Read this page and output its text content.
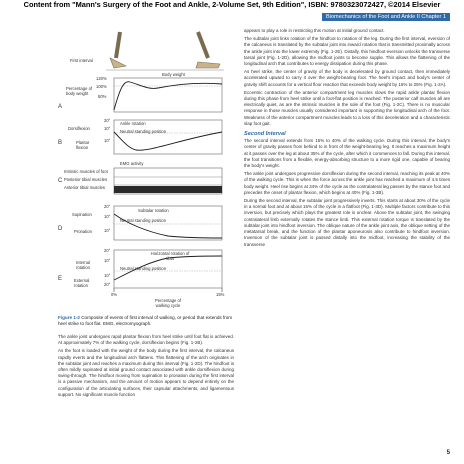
Content from "Mann's Surgery of the Foot and Ankle, 2-Volume Set, 9th Edition", ISBN: 9780323072427, ©2014 Elsevier
Biomechanics of the Foot and Ankle II Chapter 1
First interval
A
Percentage of body weight
120%
100%
50%
Body weight
B
Dorsiflexion
Plantar flexion
20°
10°
10°
Ankle rotation
Neutral standing position
C
EMG activity
Intrinsic muscles of foot
Posterior tibial muscles
Anterior tibial muscles
D
Supination
Pronation
20°
10°
10°
Subtalar rotation
Neutral standing position
E
Internal rotation
External rotation
20°
10°
10°
20°
Horizontal rotation of tibia
Neutral standing position
0%	15%
Percentage of walking cycle
Figure 1-2 Composite of events of first interval of walking, or period that extends from heel strike to foot flat. EMG, electromyograph.

The ankle joint undergoes rapid plantar flexion from heel strike until foot flat is achieved. At approximately 7% of the walking cycle, dorsiflexion begins (Fig. 1-2B).

As the foot is loaded with the weight of the body during the first interval, the calcaneus rapidly everts and the longitudinal arch flattens. This flattening of the arch originates in the subtalar joint and reaches a maximum during this interval (Fig. 1-2D). The hindfoot is often mildly supinated at initial ground contact associated with ankle dorsiflexion during swing-through. The hindfoot moving from supination to pronation during the first interval is a passive mechanism, and the amount of motion appears to depend entirely on the configuration of the articulating surfaces, their capsular attachments, and ligamentous support. No significant muscle function

appears to play a role in restricting this motion at initial ground contact.

The subtalar joint links rotation of the hindfoot to rotation of the leg. During the first interval, eversion of the calcaneus is translated by the subtalar joint into inward rotation that is transmitted proximally across the ankle joint into the lower extremity (Fig. 1-2E). Distally, this hindfoot eversion unlocks the transverse tarsal joint (Fig. 1-2D), allowing the midfoot joints to become supple. This allows the flattening of the longitudinal arch that contributes to energy dissipation during this phase.

As heel strike, the center of gravity of the body is decelerated by ground contact, then immediately accelerated upward to carry it over the weight-bearing foot. The heel's impact and body's center of gravity shift accounts for a vertical floor reaction that exceeds body weight by 15% to 25% (Fig. 1-2A).

Eccentric contraction of the anterior compartment leg muscles slows the rapid ankle plantar flexion during this phase from heel strike until a foot-flat position is reached. The posterior calf muscles all are electrically quiet, as are the intrinsic muscles in the sole of the foot (Fig. 1-2C). There is no muscular response in those muscles usually considered important in supporting the longitudinal arch of the foot. Weakness of the anterior compartment muscles leads to a loss of this deceleration and a characteristic slap foot gait.

Second Interval

The second interval extends from 15% to 40% of the walking cycle. During this interval, the body's center of gravity passes from behind to in front of the weight-bearing leg. It reaches a maximum height at it passes over the leg at about 35% of the cycle, after which it commences to fall. During this interval, the foot transitions from a flexible, energy-absorbing structure to a more rigid one, capable of bearing the body's weight.

The ankle joint undergoes progressive dorsiflexion during the second interval, reaching its peak at 40% of the walking cycle. This is when the force across the ankle joint has reached a maximum of 4.5 times body weight. Heel rise begins at 34% of the cycle as the contralateral leg passes by the stance foot and precedes the onset of plantar flexion, which begins at 40% (Fig. 1-3B).

During the second interval, the subtalar joint progressively inverts. This starts at about 30% of the cycle in a normal foot and at about 15% of the cycle in a flatfoot (Fig. 1-3D). Multiple factors contribute to this inversion, but precisely which plays the greatest role is unclear. Above the subtalar joint, the swinging contralateral limb externally rotates the stance limb. This external rotation torque is translated by the subtalar joint into hindfoot inversion. The oblique nature of the ankle joint axis, the oblique setting of the metatarsal break, and the function of the plantar aponeurosis also contribute to hindfoot inversion. Inversion of the subtalar joint is passed distally into the midfoot, increasing the stability of the transverse

5
